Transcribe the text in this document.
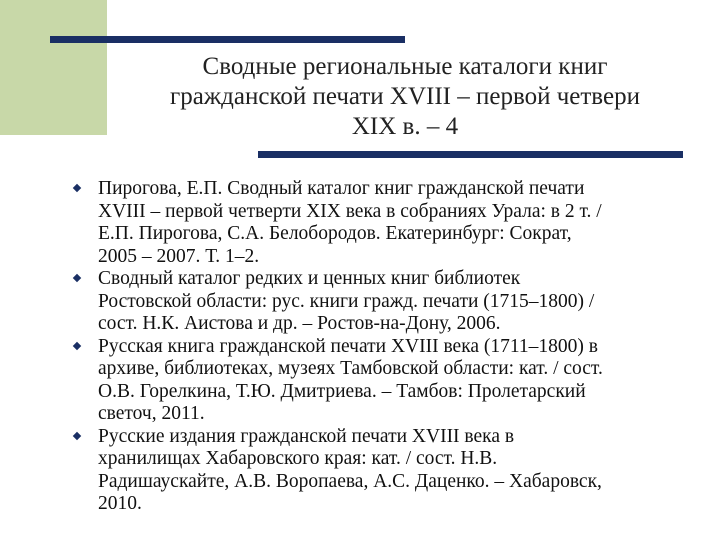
Сводные региональные каталоги книг
гражданской печати XVIII – первой четвери
XIX в. – 4
Пирогова, Е.П. Сводный каталог книг гражданской печати
XVIII – первой четверти XIX века в собраниях Урала: в 2 т. /
Е.П. Пирогова, С.А. Белобородов. Екатеринбург: Сократ,
2005 – 2007. Т. 1–2.
Сводный каталог редких и ценных книг библиотек
Ростовской области: рус. книги гражд. печати (1715–1800) /
сост. Н.К. Аистова и др. – Ростов-на-Дону, 2006.
Русская книга гражданской печати XVIII века (1711–1800) в
архиве, библиотеках, музеях Тамбовской области: кат. / сост.
О.В. Горелкина, Т.Ю. Дмитриева. – Тамбов: Пролетарский
светоч, 2011.
Русские издания гражданской печати XVIII века в
хранилищах Хабаровского края: кат. / сост. Н.В.
Радишаускайте, А.В. Воропаева, А.С. Даценко. – Хабаровск,
2010.
